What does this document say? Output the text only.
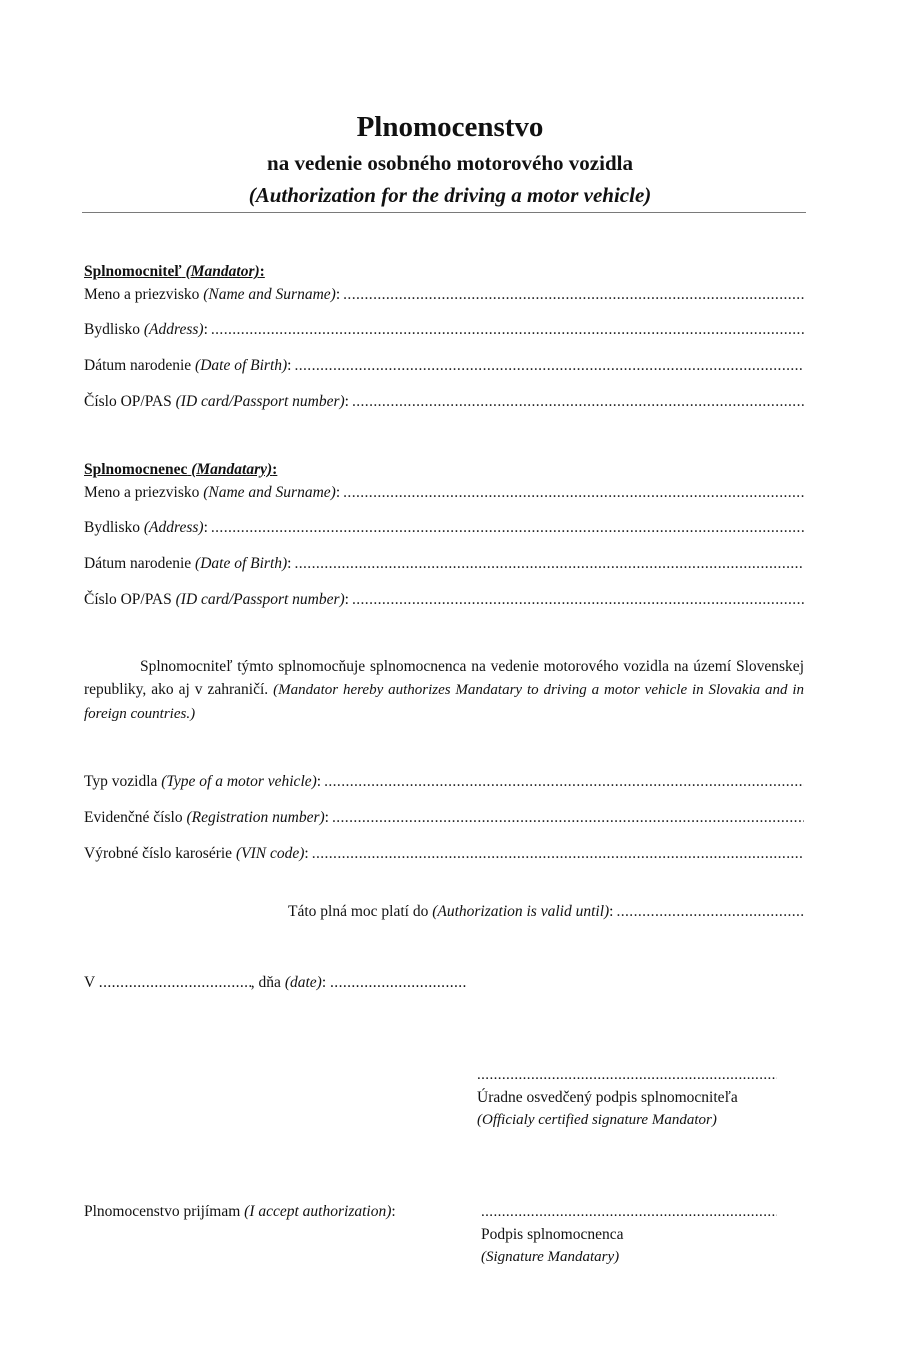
Plnomocenstvo
na vedenie osobného motorového vozidla
(Authorization for the driving a motor vehicle)
Splnomocniteľ (Mandator):
Meno a priezvisko (Name and Surname):
.....
Bydlisko (Address):
.....
Dátum narodenie (Date of Birth):
.....
Číslo OP/PAS (ID card/Passport number):
.....
Splnomocnenec (Mandatary):
Meno a priezvisko (Name and Surname):
.....
Bydlisko (Address):
.....
Dátum narodenie (Date of Birth):
.....
Číslo OP/PAS (ID card/Passport number):
.....
Splnomocniteľ týmto splnomocňuje splnomocnenca na vedenie motorového vozidla na území Slovenskej republiky, ako aj v zahraničí. (Mandator hereby authorizes Mandatary to driving a motor vehicle in Slovakia and in foreign countries.)
Typ vozidla (Type of a motor vehicle):
.....
Evidenčné číslo (Registration number):
.....
Výrobné číslo karosérie (VIN code):
.....
Táto plná moc platí do (Authorization is valid until):
.....
V .....	, dňa (date): .....
.....
Úradne osvedčený podpis splnomocniteľa
(Officialy certified signature Mandator)
Plnomocenstvo prijímam (I accept authorization):
.....
Podpis splnomocnenca
(Signature Mandatary)
